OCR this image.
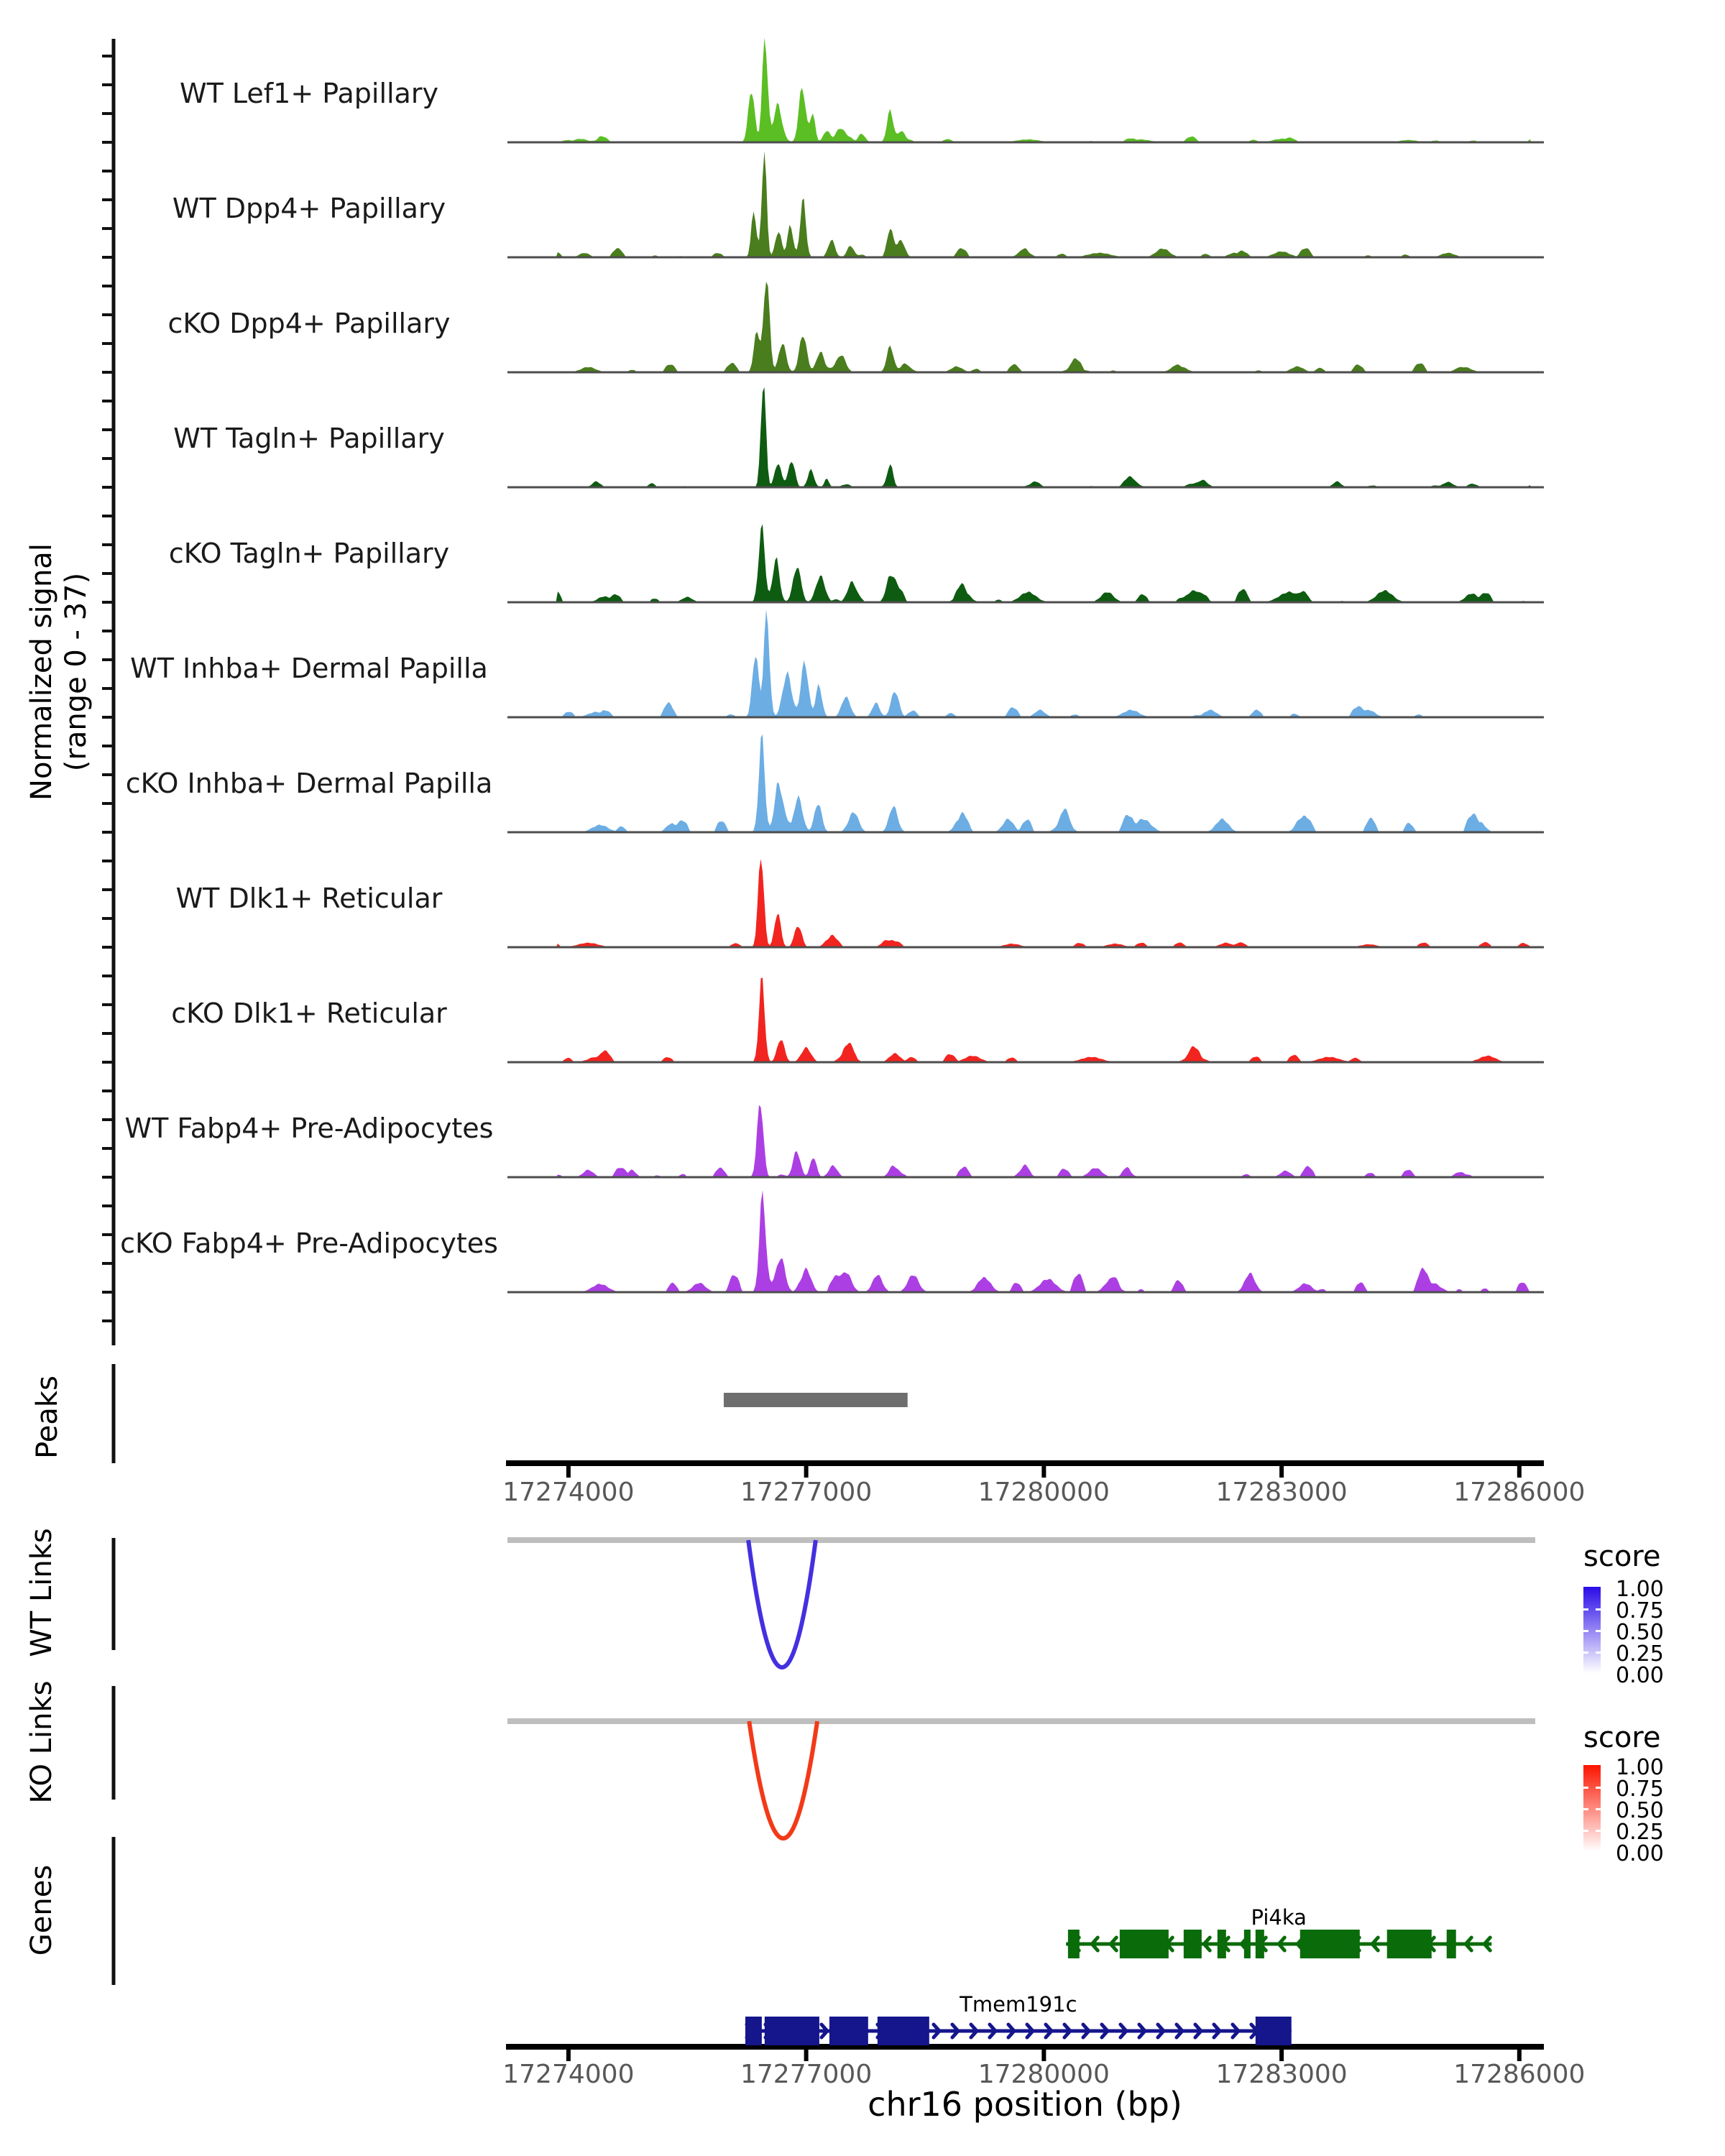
Normalized signal (range 0 - 37)
Peaks
WT Links
KO Links
Genes
chr16 position (bp)
score
score
WT Lef1+ Papillary
WT Dpp4+ Papillary
cKO Dpp4+ Papillary
WT Tagln+ Papillary
cKO Tagln+ Papillary
WT Inhba+ Dermal Papilla
cKO Inhba+ Dermal Papilla
WT Dlk1+ Reticular
cKO Dlk1+ Reticular
WT Fabp4+ Pre-Adipocytes
cKO Fabp4+ Pre-Adipocytes
17274000	17277000	17280000	17283000	17286000
17274000	17277000	17280000	17283000	17286000
1.00
0.75
0.50
0.25
0.00
1.00
0.75
0.50
0.25
0.00
Pi4ka
Tmem191c
